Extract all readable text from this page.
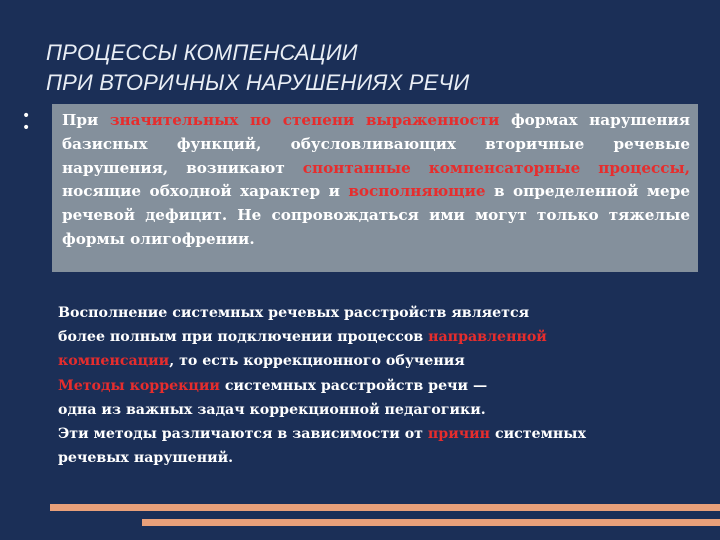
ПРОЦЕССЫ КОМПЕНСАЦИИ
ПРИ ВТОРИЧНЫХ НАРУШЕНИЯХ РЕЧИ
•
•	При значительных по степени выраженности формах нарушения базисных функций, обусловливающих вторичные речевые нарушения, возникают спонтанные компенсаторные процессы, носящие обходной характер и восполняющие в определенной мере речевой дефицит. Не сопровождаться ими могут только тяжелые формы олигофрении.
Восполнение системных речевых расстройств является
более полным при подключении процессов направленной
компенсации, то есть коррекционного обучения
Методы коррекции системных расстройств речи —
одна из важных задач коррекционной педагогики.
Эти методы различаются в зависимости от причин системных
речевых нарушений.
